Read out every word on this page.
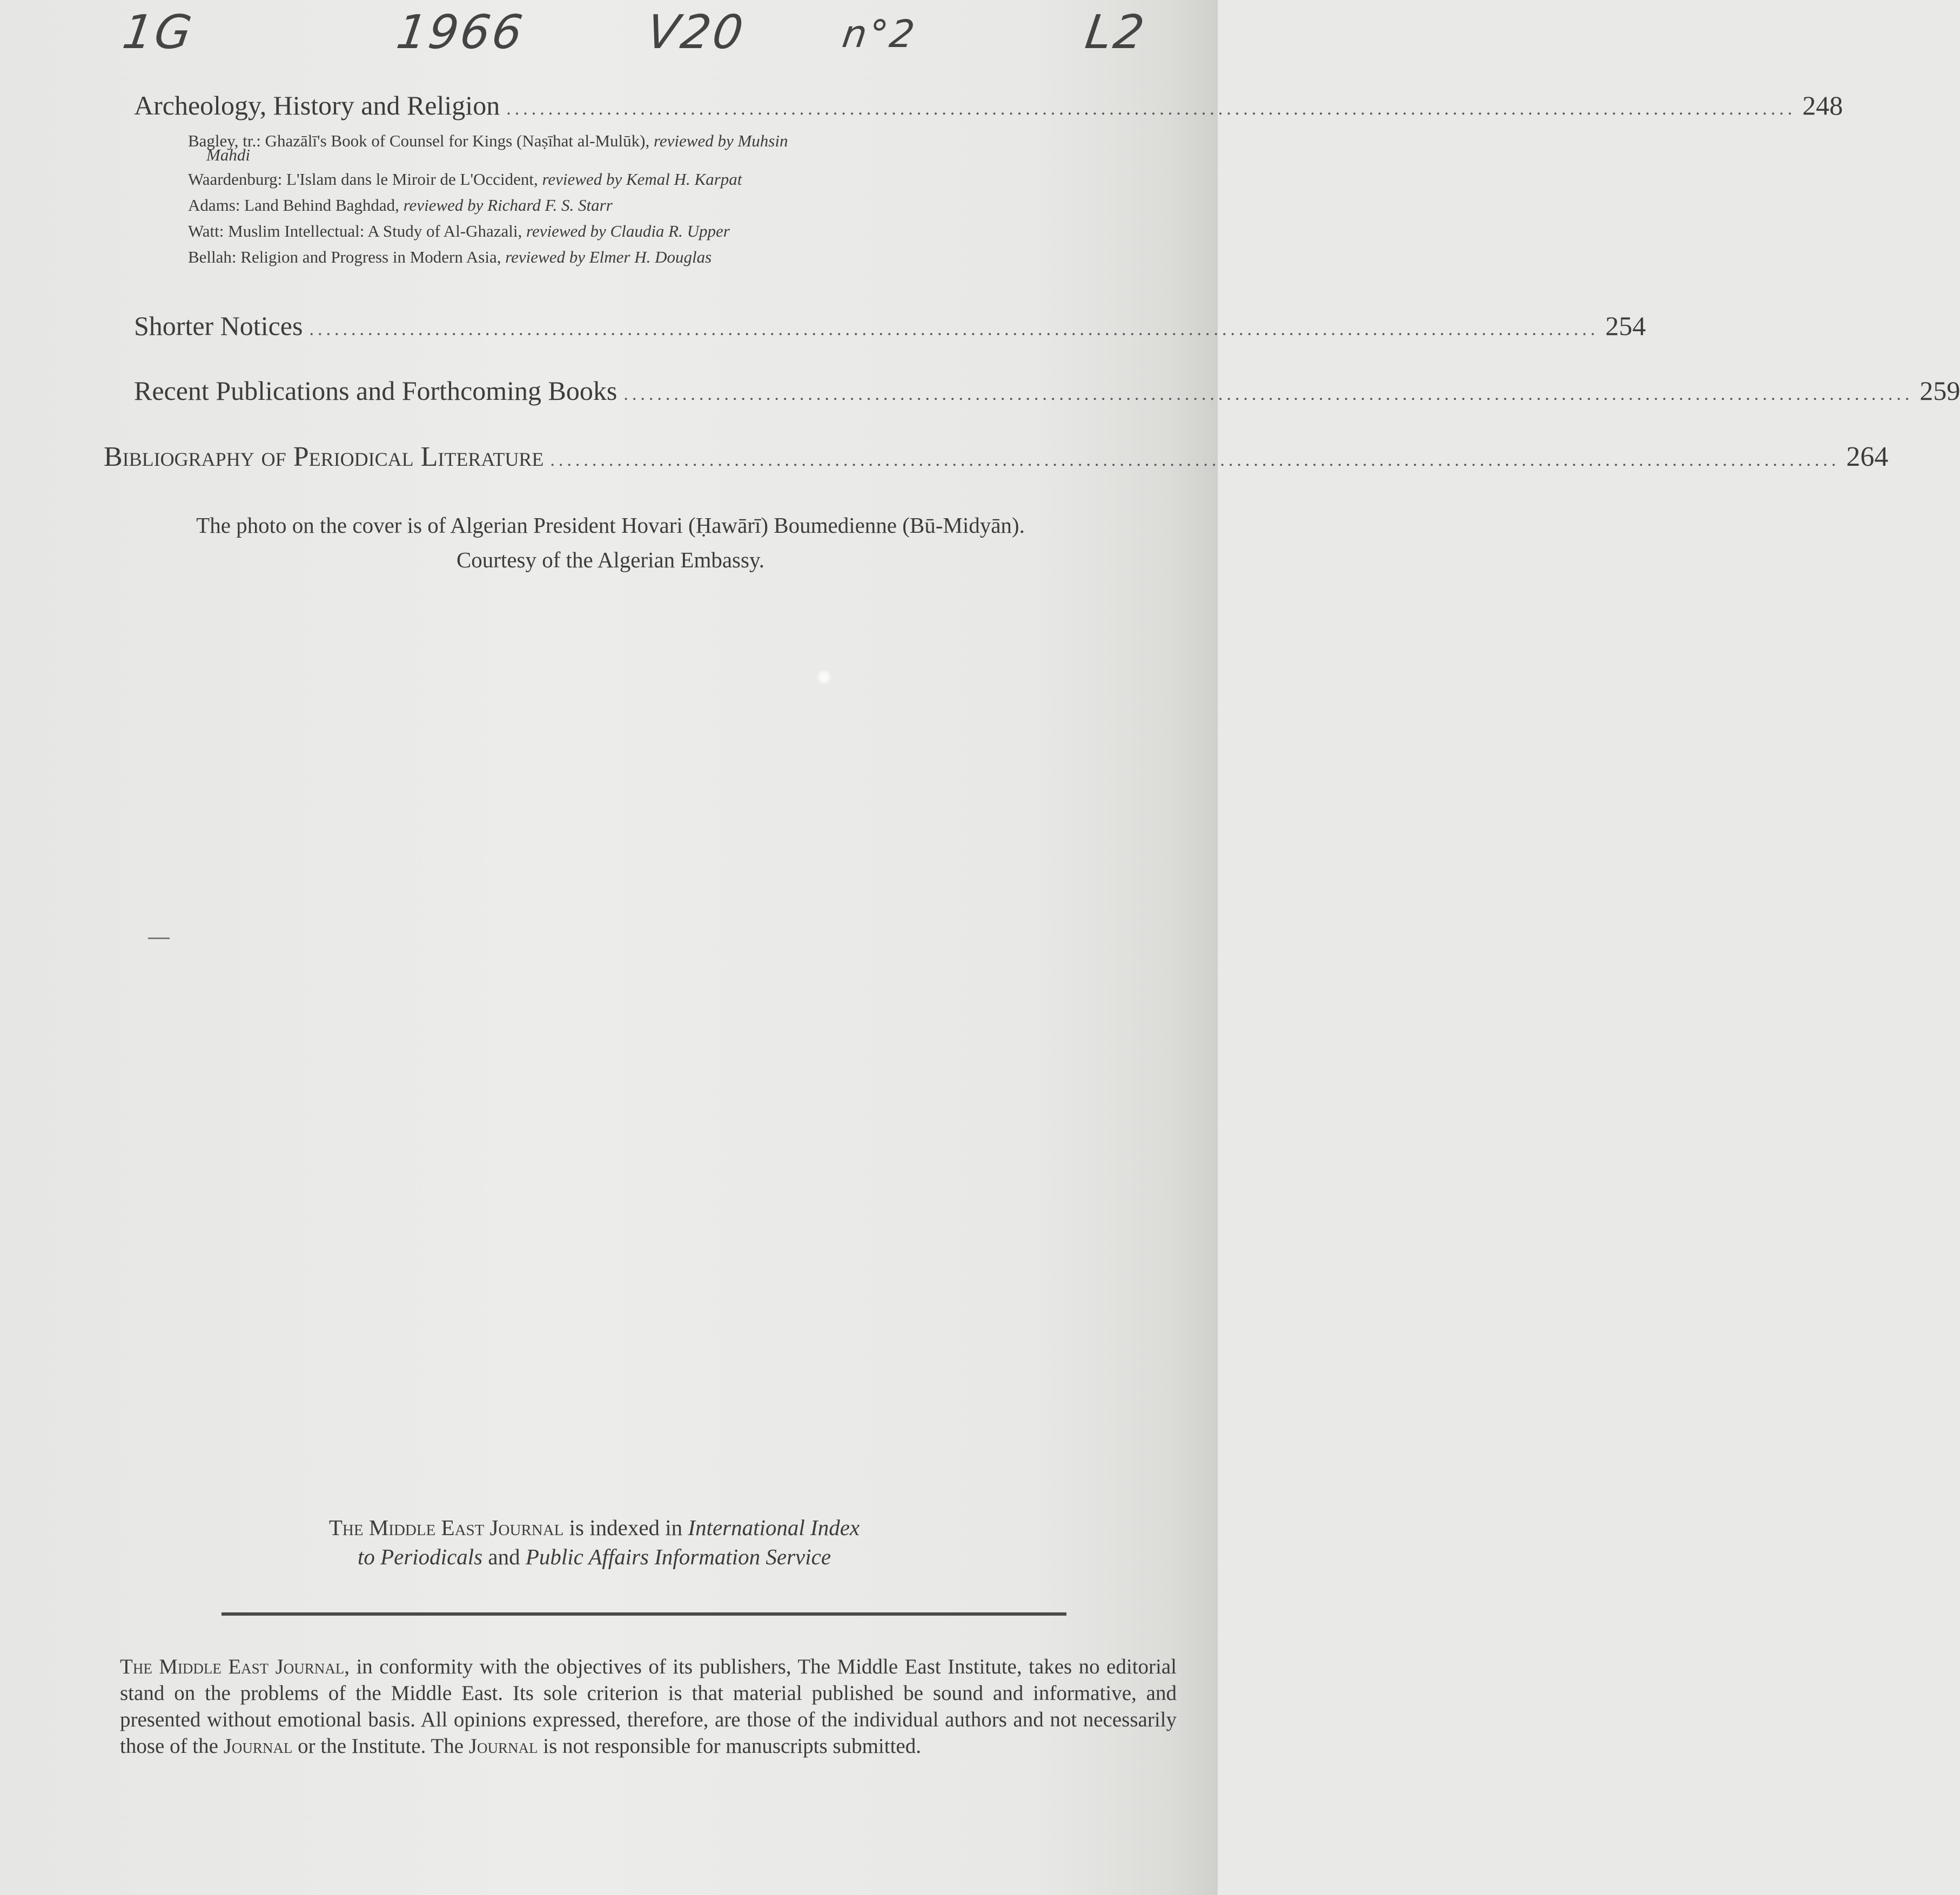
1G	1966 V20 n°2	L2
Archeology, History and Religion .......................................................................................................................................................... 248
Bagley, tr.: Ghazālī's Book of Counsel for Kings (Naṣīhat al-Mulūk), reviewed by Muhsin
Mahdi
Waardenburg: L'Islam dans le Miroir de L'Occident, reviewed by Kemal H. Karpat
Adams: Land Behind Baghdad, reviewed by Richard F. S. Starr
Watt: Muslim Intellectual: A Study of Al-Ghazali, reviewed by Claudia R. Upper
Bellah: Religion and Progress in Modern Asia, reviewed by Elmer H. Douglas
Shorter Notices .......................................................................................................................................................... 254
Recent Publications and Forthcoming Books .......................................................................................................................................................... 259
Bibliography of Periodical Literature .......................................................................................................................................................... 264
The photo on the cover is of Algerian President Hovari (Ḥawārī) Boumedienne (Bū-Midyān).
Courtesy of the Algerian Embassy.
The Middle East Journal is indexed in International Index
to Periodicals and Public Affairs Information Service
The Middle East Journal, in conformity with the objectives of its publishers, The Middle East Institute, takes no editorial stand on the problems of the Middle East. Its sole criterion is that material published be sound and informative, and presented without emotional basis. All opinions expressed, therefore, are those of the individual authors and not necessarily those of the Journal or the Institute. The Journal is not responsible for manuscripts submitted.
